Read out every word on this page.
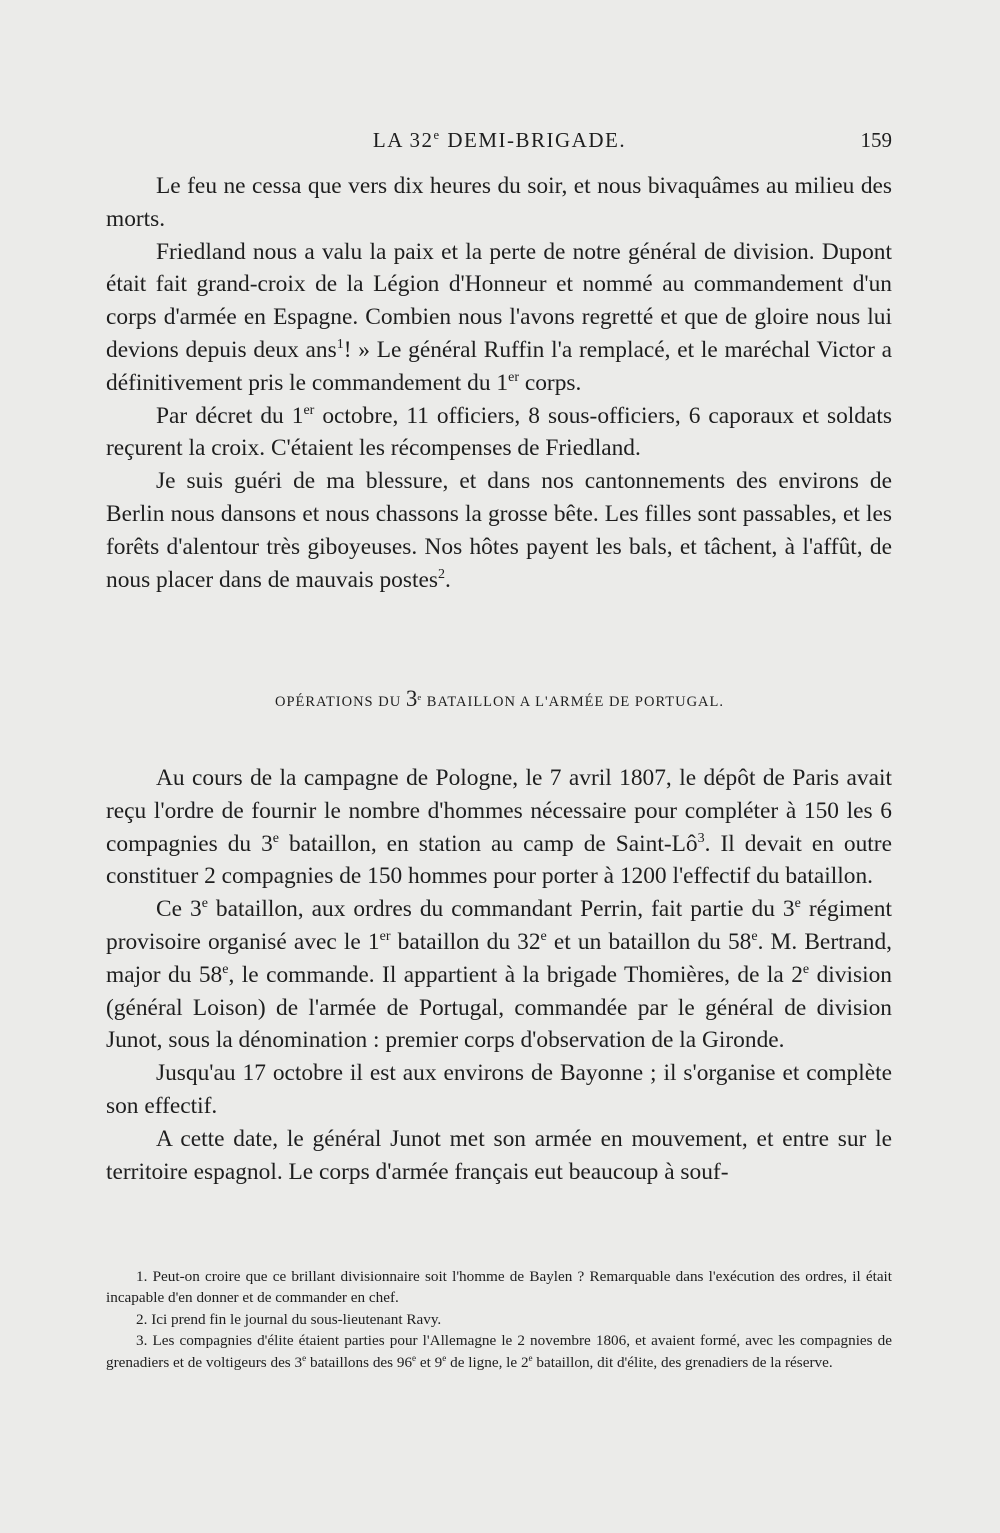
LA 32e DEMI-BRIGADE.	159

Le feu ne cessa que vers dix heures du soir, et nous bivaquâmes au milieu des morts.

Friedland nous a valu la paix et la perte de notre général de division. Dupont était fait grand-croix de la Légion d'Honneur et nommé au commandement d'un corps d'armée en Espagne. Combien nous l'avons regretté et que de gloire nous lui devions depuis deux ans$^1$! » Le général Ruffin l'a remplacé, et le maréchal Victor a définitivement pris le commandement du 1er corps.

Par décret du 1er octobre, 11 officiers, 8 sous-officiers, 6 caporaux et soldats reçurent la croix. C'étaient les récompenses de Friedland.

Je suis guéri de ma blessure, et dans nos cantonnements des environs de Berlin nous dansons et nous chassons la grosse bête. Les filles sont passables, et les forêts d'alentour très giboyeuses. Nos hôtes payent les bals, et tâchent, à l'affût, de nous placer dans de mauvais postes$^2$.

OPÉRATIONS DU 3e BATAILLON A L'ARMÉE DE PORTUGAL.

Au cours de la campagne de Pologne, le 7 avril 1807, le dépôt de Paris avait reçu l'ordre de fournir le nombre d'hommes nécessaire pour compléter à 150 les 6 compagnies du 3e bataillon, en station au camp de Saint-$Lô^3$. Il devait en outre constituer 2 compagnies de 150 hommes pour porter à 1200 l'effectif du bataillon.

Ce 3e bataillon, aux ordres du commandant Perrin, fait partie du 3e régiment provisoire organisé avec le 1er bataillon du 32e et un bataillon du 58e. M. Bertrand, major du 58e, le commande. Il appartient à la brigade Thomières, de la 2e division (général Loison) de l'armée de Portugal, commandée par le général de division Junot, sous la dénomination : premier corps d'observation de la Gironde.

Jusqu'au 17 octobre il est aux environs de Bayonne ; il s'organise et complète son effectif.

A cette date, le général Junot met son armée en mouvement, et entre sur le territoire espagnol. Le corps d'armée français eut beaucoup à souf-

1. Peut-on croire que ce brillant divisionnaire soit l'homme de Baylen ? Remarquable dans l'exécution des ordres, il était incapable d'en donner et de commander en chef.

2. Ici prend fin le journal du sous-lieutenant Ravy.

3. Les compagnies d'élite étaient parties pour l'Allemagne le 2 novembre 1806, et avaient formé, avec les compagnies de grenadiers et de voltigeurs des 3e bataillons des 96e et 9e de ligne, le 2e bataillon, dit d'élite, des grenadiers de la réserve.
